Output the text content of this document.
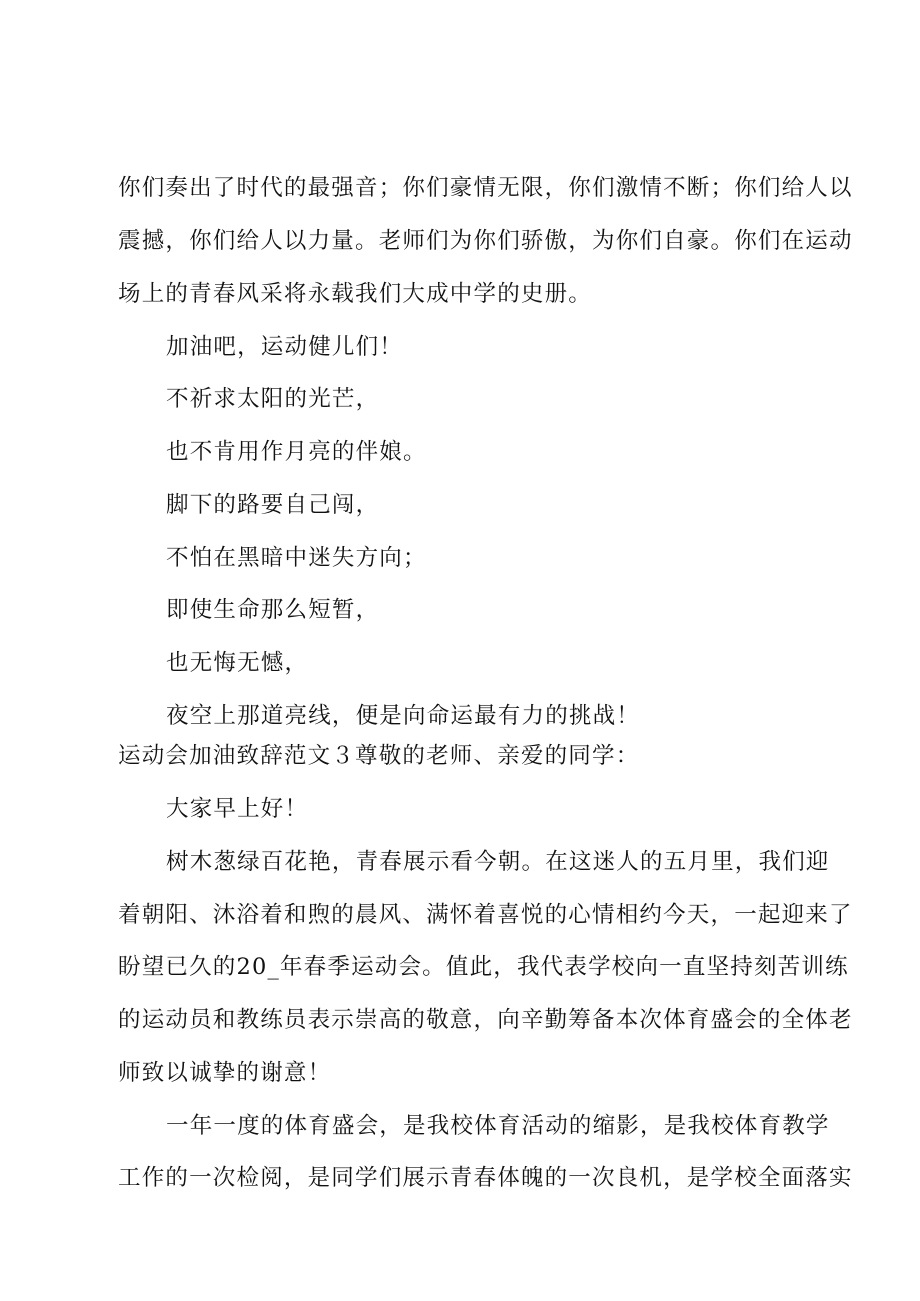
你们奏出了时代的最强音；你们豪情无限，你们激情不断；你们给人以
震撼，你们给人以力量。老师们为你们骄傲，为你们自豪。你们在运动
场上的青春风采将永载我们大成中学的史册。
加油吧，运动健儿们！
不祈求太阳的光芒，
也不肯用作月亮的伴娘。
脚下的路要自己闯，
不怕在黑暗中迷失方向；
即使生命那么短暂，
也无悔无憾，
夜空上那道亮线，便是向命运最有力的挑战！
运动会加油致辞范文３尊敬的老师、亲爱的同学：
大家早上好！
树木葱绿百花艳，青春展示看今朝。在这迷人的五月里，我们迎
着朝阳、沐浴着和煦的晨风、满怀着喜悦的心情相约今天，一起迎来了
盼望已久的20_年春季运动会。值此，我代表学校向一直坚持刻苦训练
的运动员和教练员表示崇高的敬意，向辛勤筹备本次体育盛会的全体老
师致以诚挚的谢意！
一年一度的体育盛会，是我校体育活动的缩影，是我校体育教学
工作的一次检阅，是同学们展示青春体魄的一次良机，是学校全面落实
